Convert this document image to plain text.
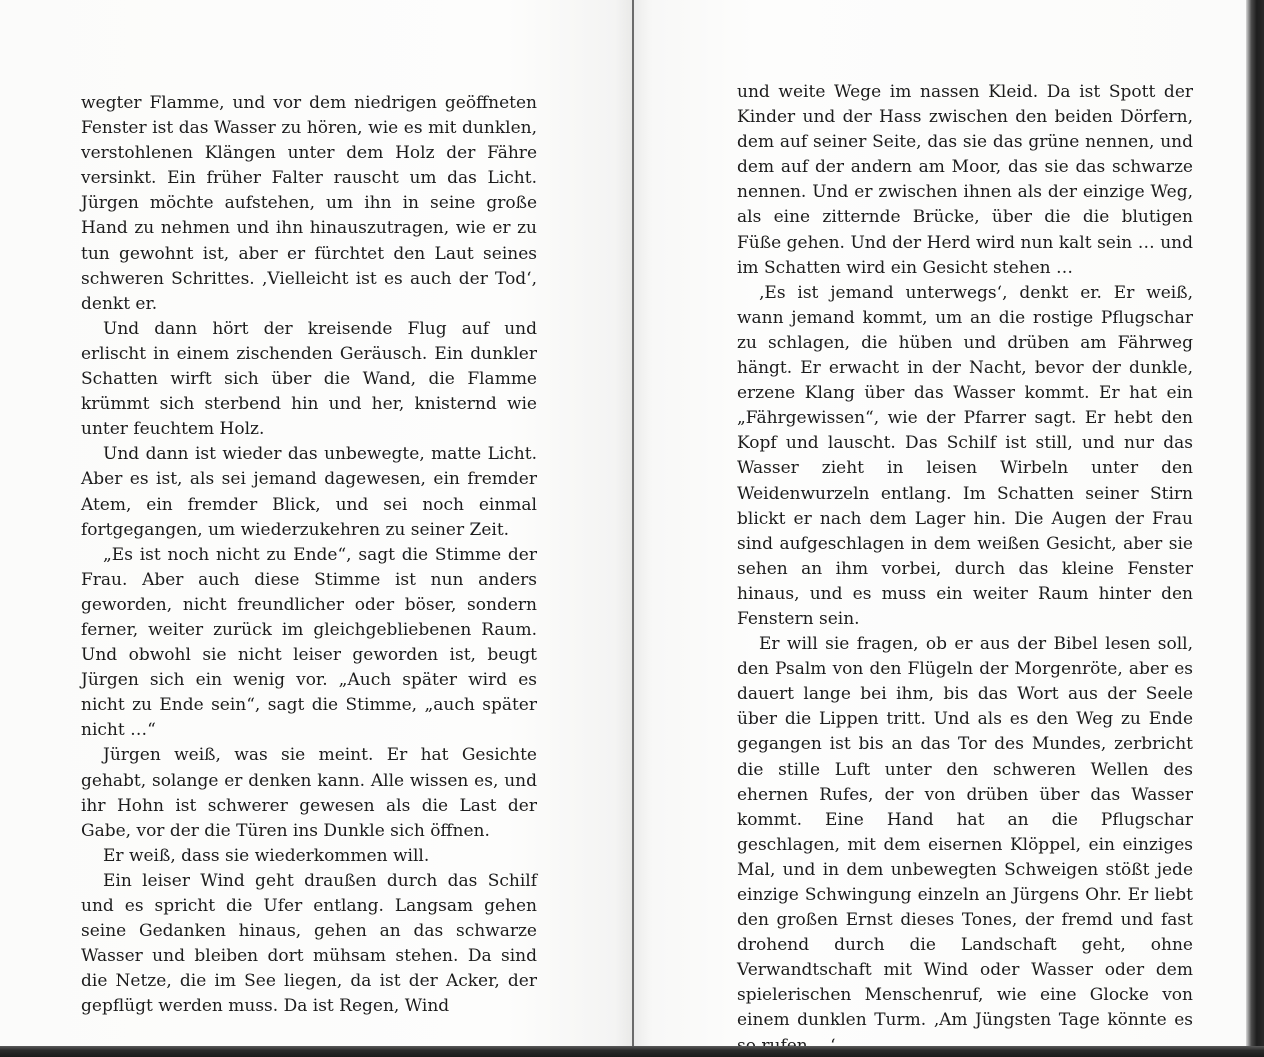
wegter Flamme, und vor dem niedrigen geöffneten Fenster ist das Wasser zu hören, wie es mit dunklen, verstohlenen Klängen unter dem Holz der Fähre versinkt. Ein früher Falter rauscht um das Licht. Jürgen möchte aufstehen, um ihn in seine große Hand zu nehmen und ihn hinauszutragen, wie er zu tun gewohnt ist, aber er fürchtet den Laut seines schweren Schrittes. ‚Vielleicht ist es auch der Tod‘, denkt er.

Und dann hört der kreisende Flug auf und erlischt in einem zischenden Geräusch. Ein dunkler Schatten wirft sich über die Wand, die Flamme krümmt sich sterbend hin und her, knisternd wie unter feuchtem Holz.

Und dann ist wieder das unbewegte, matte Licht. Aber es ist, als sei jemand dagewesen, ein fremder Atem, ein fremder Blick, und sei noch einmal fortgegangen, um wiederzukehren zu seiner Zeit.

„Es ist noch nicht zu Ende“, sagt die Stimme der Frau. Aber auch diese Stimme ist nun anders geworden, nicht freundlicher oder böser, sondern ferner, weiter zurück im gleichgebliebenen Raum. Und obwohl sie nicht leiser geworden ist, beugt Jürgen sich ein wenig vor. „Auch später wird es nicht zu Ende sein“, sagt die Stimme, „auch später nicht …“

Jürgen weiß, was sie meint. Er hat Gesichte gehabt, solange er denken kann. Alle wissen es, und ihr Hohn ist schwerer gewesen als die Last der Gabe, vor der die Türen ins Dunkle sich öffnen.

Er weiß, dass sie wiederkommen will.

Ein leiser Wind geht draußen durch das Schilf und es spricht die Ufer entlang. Langsam gehen seine Gedanken hinaus, gehen an das schwarze Wasser und bleiben dort mühsam stehen. Da sind die Netze, die im See liegen, da ist der Acker, der gepflügt werden muss. Da ist Regen, Wind

und weite Wege im nassen Kleid. Da ist Spott der Kinder und der Hass zwischen den beiden Dörfern, dem auf seiner Seite, das sie das grüne nennen, und dem auf der andern am Moor, das sie das schwarze nennen. Und er zwischen ihnen als der einzige Weg, als eine zitternde Brücke, über die die blutigen Füße gehen. Und der Herd wird nun kalt sein … und im Schatten wird ein Gesicht stehen …

‚Es ist jemand unterwegs‘, denkt er. Er weiß, wann jemand kommt, um an die rostige Pflugschar zu schlagen, die hüben und drüben am Fährweg hängt. Er erwacht in der Nacht, bevor der dunkle, erzene Klang über das Wasser kommt. Er hat ein „Fährgewissen“, wie der Pfarrer sagt. Er hebt den Kopf und lauscht. Das Schilf ist still, und nur das Wasser zieht in leisen Wirbeln unter den Weidenwurzeln entlang. Im Schatten seiner Stirn blickt er nach dem Lager hin. Die Augen der Frau sind aufgeschlagen in dem weißen Gesicht, aber sie sehen an ihm vorbei, durch das kleine Fenster hinaus, und es muss ein weiter Raum hinter den Fenstern sein.

Er will sie fragen, ob er aus der Bibel lesen soll, den Psalm von den Flügeln der Morgenröte, aber es dauert lange bei ihm, bis das Wort aus der Seele über die Lippen tritt. Und als es den Weg zu Ende gegangen ist bis an das Tor des Mundes, zerbricht die stille Luft unter den schweren Wellen des ehernen Rufes, der von drüben über das Wasser kommt. Eine Hand hat an die Pflugschar geschlagen, mit dem eisernen Klöppel, ein einziges Mal, und in dem unbewegten Schweigen stößt jede einzige Schwingung einzeln an Jürgens Ohr. Er liebt den großen Ernst dieses Tones, der fremd und fast drohend durch die Landschaft geht, ohne Verwandtschaft mit Wind oder Wasser oder dem spielerischen Menschenruf, wie eine Glocke von einem dunklen Turm. ‚Am Jüngsten Tage könnte es
